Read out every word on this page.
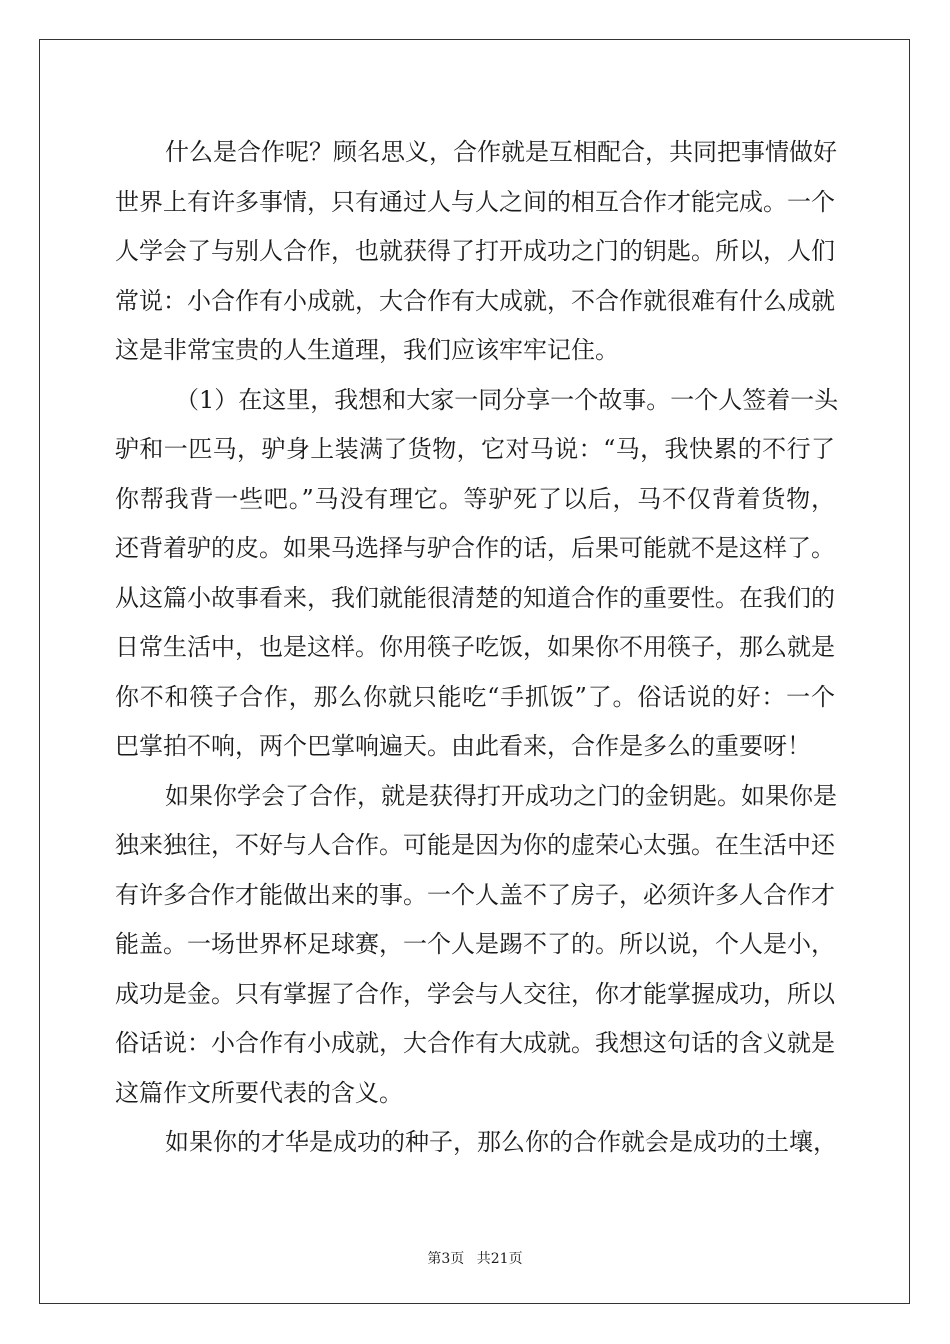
什么是合作呢？顾名思义，合作就是互相配合，共同把事情做好
世界上有许多事情，只有通过人与人之间的相互合作才能完成。一个
人学会了与别人合作，也就获得了打开成功之门的钥匙。所以，人们
常说：小合作有小成就，大合作有大成就，不合作就很难有什么成就
这是非常宝贵的人生道理，我们应该牢牢记住。
（1）在这里，我想和大家一同分享一个故事。一个人签着一头
驴和一匹马，驴身上装满了货物，它对马说：“马，我快累的不行了
你帮我背一些吧。”马没有理它。等驴死了以后，马不仅背着货物，
还背着驴的皮。如果马选择与驴合作的话，后果可能就不是这样了。
从这篇小故事看来，我们就能很清楚的知道合作的重要性。在我们的
日常生活中，也是这样。你用筷子吃饭，如果你不用筷子，那么就是
你不和筷子合作，那么你就只能吃“手抓饭”了。俗话说的好：一个
巴掌拍不响，两个巴掌响遍天。由此看来，合作是多么的重要呀！
如果你学会了合作，就是获得打开成功之门的金钥匙。如果你是
独来独往，不好与人合作。可能是因为你的虚荣心太强。在生活中还
有许多合作才能做出来的事。一个人盖不了房子，必须许多人合作才
能盖。一场世界杯足球赛，一个人是踢不了的。所以说，个人是小，
成功是金。只有掌握了合作，学会与人交往，你才能掌握成功，所以
俗话说：小合作有小成就，大合作有大成就。我想这句话的含义就是
这篇作文所要代表的含义。
如果你的才华是成功的种子，那么你的合作就会是成功的土壤，
第3页 共21页
